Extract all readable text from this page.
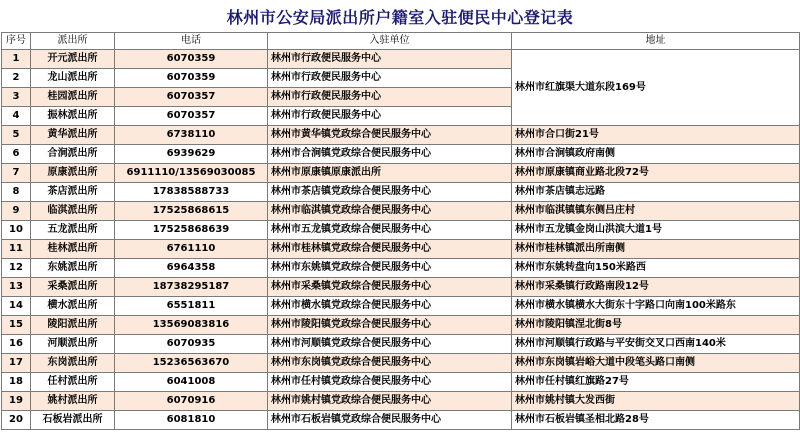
林州市公安局派出所户籍室入驻便民中心登记表
序号	派出所	电话	入驻单位	地址
1	开元派出所	6070359	林州市行政便民服务中心	林州市红旗渠大道东段169号
2	龙山派出所	6070359	林州市行政便民服务中心	
3	桂园派出所	6070357	林州市行政便民服务中心	
4	振林派出所	6070357	林州市行政便民服务中心	
5	黄华派出所	6738110	林州市黄华镇党政综合便民服务中心	林州市合口街21号
6	合涧派出所	6939629	林州市合涧镇党政综合便民服务中心	林州市合涧镇政府南侧
7	原康派出所	6911110/13569030085	林州市原康镇原康派出所	林州市原康镇商业路北段72号
8	茶店派出所	17838588733	林州市茶店镇党政综合便民服务中心	林州市茶店镇志远路
9	临淇派出所	17525868615	林州市临淇镇党政综合便民服务中心	林州市临淇镇镇东侧吕庄村
10	五龙派出所	17525868639	林州市五龙镇党政综合便民服务中心	林州市五龙镇金岗山洪滨大道1号
11	桂林派出所	6761110	林州市桂林镇党政综合便民服务中心	林州市桂林镇派出所南侧
12	东姚派出所	6964358	林州市东姚镇党政综合便民服务中心	林州市东姚转盘向150米路西
13	采桑派出所	18738295187	林州市采桑镇党政综合便民服务中心	林州市采桑镇行政路南段12号
14	横水派出所	6551811	林州市横水镇党政综合便民服务中心	林州市横水镇横水大街东十字路口向南100米路东
15	陵阳派出所	13569083816	林州市陵阳镇党政综合便民服务中心	林州市陵阳镇涅北街8号
16	河顺派出所	6070935	林州市河顺镇党政综合便民服务中心	林州市河顺镇行政路与平安街交叉口西南140米
17	东岗派出所	15236563670	林州市东岗镇党政综合便民服务中心	林州市东岗镇岩峪大道中段笔头路口南侧
18	任村派出所	6041008	林州市任村镇党政综合便民服务中心	林州市任村镇红旗路27号
19	姚村派出所	6070916	林州市姚村镇党政综合便民服务中心	林州市姚村镇大发西街
20	石板岩派出所	6081810	林州市石板岩镇党政综合便民服务中心	林州市石板岩镇圣相北路28号
